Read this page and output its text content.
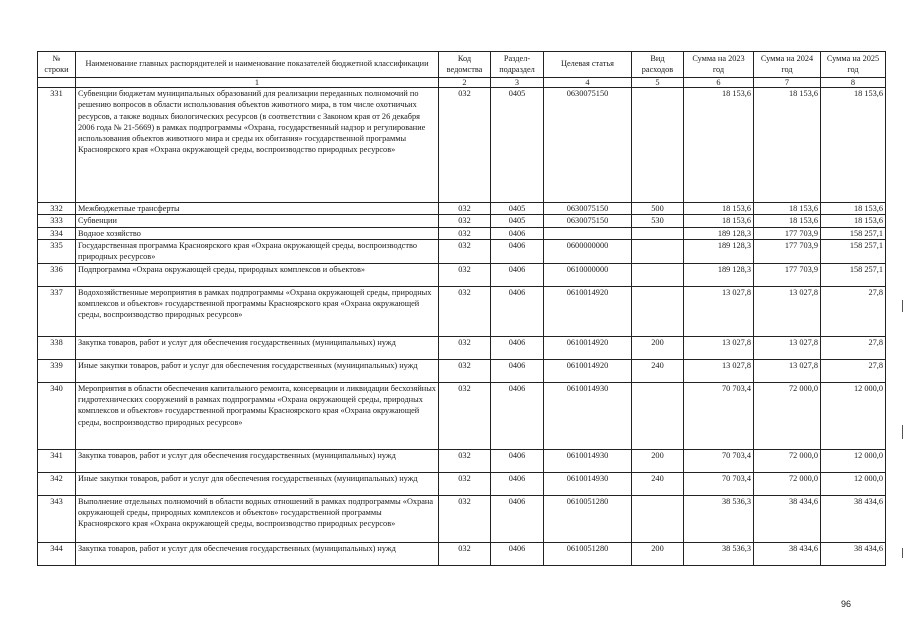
№ строки	Наименование главных распорядителей и наименование показателей бюджетной классификации	Код ведомства	Раздел-подраздел	Целевая статья	Вид расходов	Сумма на 2023 год	Сумма на 2024 год	Сумма на 2025 год
	1	2	3	4	5	6	7	8
331	Субвенции бюджетам муниципальных образований для реализации переданных полномочий по решению вопросов в области использования объектов животного мира, в том числе охотничьих ресурсов, а также водных биологических ресурсов (в соответствии с Законом края от 26 декабря 2006 года № 21-5669) в рамках подпрограммы «Охрана, государственный надзор и регулирование использования объектов животного мира и среды их обитания» государственной программы Красноярского края «Охрана окружающей среды, воспроизводство природных ресурсов»	032	0405	0630075150		18 153,6	18 153,6	18 153,6
332	Межбюджетные трансферты	032	0405	0630075150	500	18 153,6	18 153,6	18 153,6
333	Субвенции	032	0405	0630075150	530	18 153,6	18 153,6	18 153,6
334	Водное хозяйство	032	0406			189 128,3	177 703,9	158 257,1
335	Государственная программа Красноярского края «Охрана окружающей среды, воспроизводство природных ресурсов»	032	0406	0600000000		189 128,3	177 703,9	158 257,1
336	Подпрограмма «Охрана окружающей среды, природных комплексов и объектов»	032	0406	0610000000		189 128,3	177 703,9	158 257,1
337	Водохозяйственные мероприятия в рамках подпрограммы «Охрана окружающей среды, природных комплексов и объектов» государственной программы Красноярского края «Охрана окружающей среды, воспроизводство природных ресурсов»	032	0406	0610014920		13 027,8	13 027,8	27,8
338	Закупка товаров, работ и услуг для обеспечения государственных (муниципальных) нужд	032	0406	0610014920	200	13 027,8	13 027,8	27,8
339	Иные закупки товаров, работ и услуг для обеспечения государственных (муниципальных) нужд	032	0406	0610014920	240	13 027,8	13 027,8	27,8
340	Мероприятия в области обеспечения капитального ремонта, консервации и ликвидации бесхозяйных гидротехнических сооружений в рамках подпрограммы «Охрана окружающей среды, природных комплексов и объектов» государственной программы Красноярского края «Охрана окружающей среды, воспроизводство природных ресурсов»	032	0406	0610014930		70 703,4	72 000,0	12 000,0
341	Закупка товаров, работ и услуг для обеспечения государственных (муниципальных) нужд	032	0406	0610014930	200	70 703,4	72 000,0	12 000,0
342	Иные закупки товаров, работ и услуг для обеспечения государственных (муниципальных) нужд	032	0406	0610014930	240	70 703,4	72 000,0	12 000,0
343	Выполнение отдельных полномочий в области водных отношений в рамках подпрограммы «Охрана окружающей среды, природных комплексов и объектов» государственной программы Красноярского края «Охрана окружающей среды, воспроизводство природных ресурсов»	032	0406	0610051280		38 536,3	38 434,6	38 434,6
344	Закупка товаров, работ и услуг для обеспечения государственных (муниципальных) нужд	032	0406	0610051280	200	38 536,3	38 434,6	38 434,6
96
